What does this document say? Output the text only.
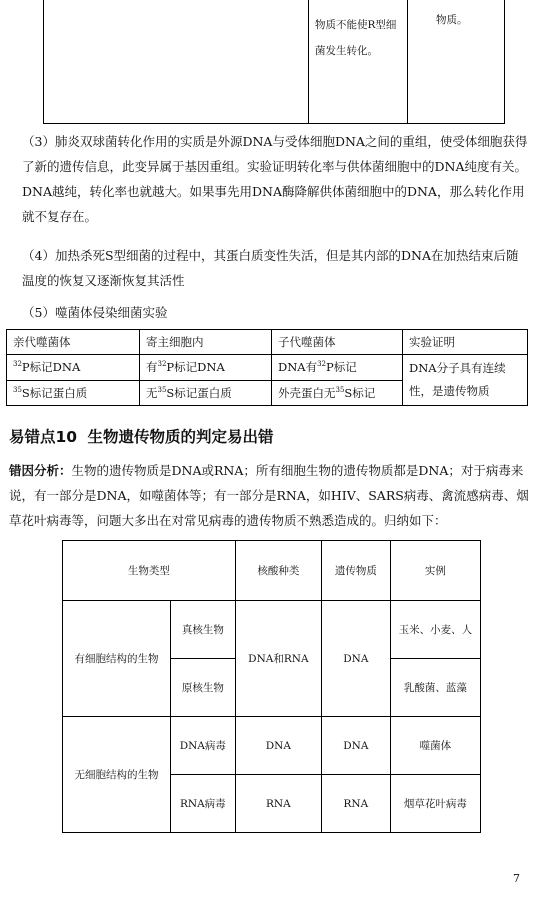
	物质不能使R型细菌发生转化。	物质。
（3）肺炎双球菌转化作用的实质是外源DNA与受体细胞DNA之间的重组，使受体细胞获得了新的遗传信息，此变异属于基因重组。实验证明转化率与供体菌细胞中的DNA纯度有关。DNA越纯，转化率也就越大。如果事先用DNA酶降解供体菌细胞中的DNA，那么转化作用就不复存在。
（4）加热杀死S型细菌的过程中，其蛋白质变性失活，但是其内部的DNA在加热结束后随温度的恢复又逐渐恢复其活性
（5）噬菌体侵染细菌实验
亲代噬菌体	寄主细胞内	子代噬菌体	实验证明
$^{32}$P标记DNA	有$^{32}$P标记DNA	DNA有$^{32}$P标记	DNA分子具有连续性，是遗传物质
$^{35}$S标记蛋白质	无$^{35}$S标记蛋白质	外壳蛋白无$^{35}$S标记	
易错点10 生物遗传物质的判定易出错
错因分析：生物的遗传物质是DNA或RNA；所有细胞生物的遗传物质都是DNA；对于病毒来说，有一部分是DNA，如噬菌体等；有一部分是RNA，如HIV、SARS病毒、禽流感病毒、烟草花叶病毒等，问题大多出在对常见病毒的遗传物质不熟悉造成的。归纳如下：
生物类型		核酸种类	遗传物质	实例
有细胞结构的生物	真核生物	DNA和RNA	DNA	玉米、小麦、人
	原核生物			乳酸菌、蓝藻
无细胞结构的生物	DNA病毒	DNA	DNA	噬菌体
	RNA病毒	RNA	RNA	烟草花叶病毒
7
